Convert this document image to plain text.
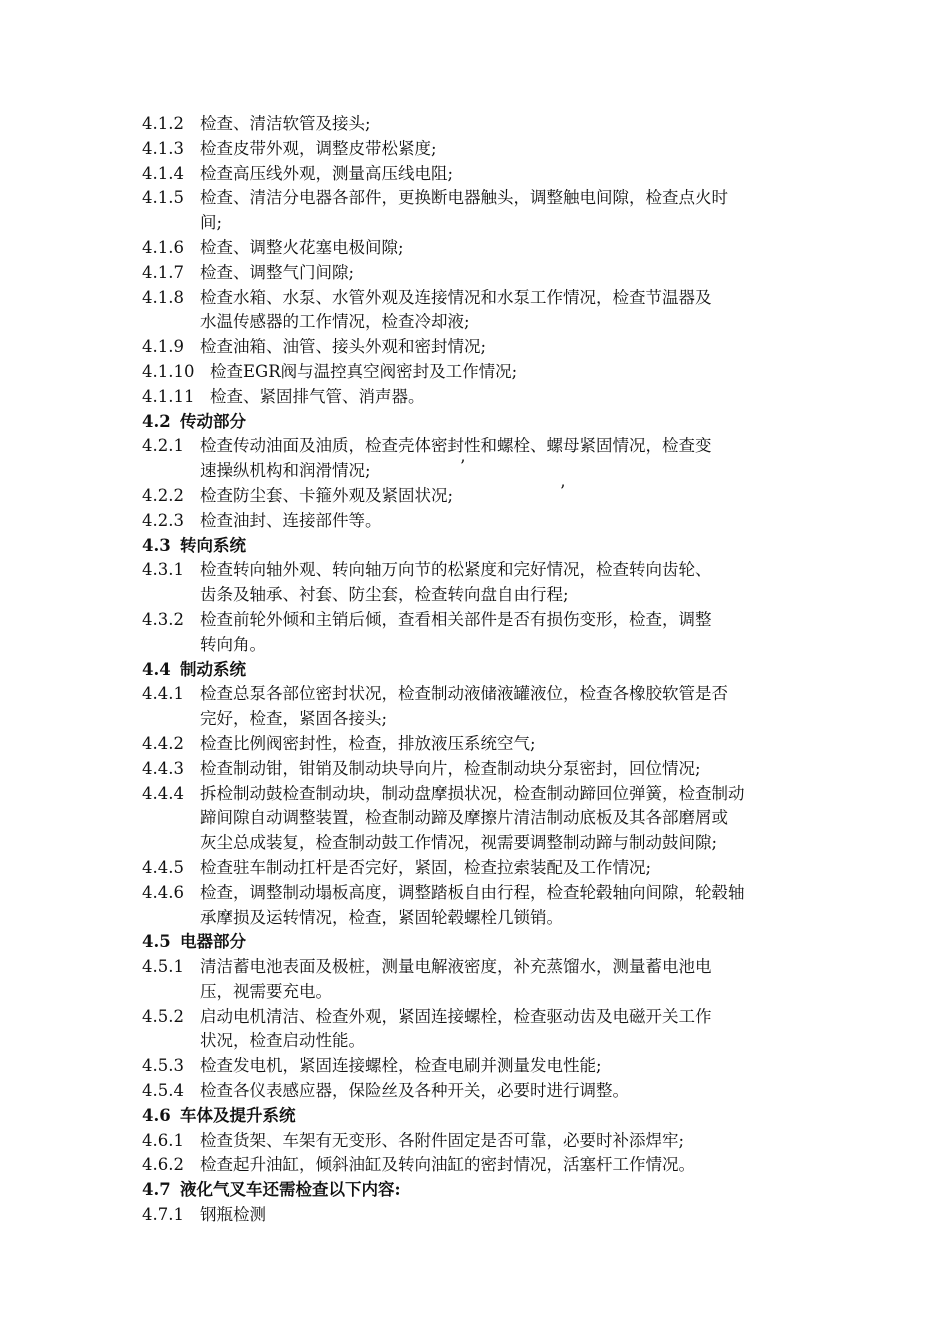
4.1.2 检查、清洁软管及接头;
4.1.3 检查皮带外观，调整皮带松紧度;
4.1.4 检查高压线外观，测量高压线电阻;
4.1.5 检查、清洁分电器各部件，更换断电器触头，调整触电间隙，检查点火时
间;
4.1.6 检查、调整火花塞电极间隙;
4.1.7 检查、调整气门间隙;
4.1.8 检查水箱、水泵、水管外观及连接情况和水泵工作情况，检查节温器及
水温传感器的工作情况，检查冷却液;
4.1.9 检查油箱、油管、接头外观和密封情况;
4.1.10 检查EGR阀与温控真空阀密封及工作情况;
4.1.11 检查、紧固排气管、消声器。
4.2 传动部分
4.2.1 检查传动油面及油质，检查壳体密封性和螺栓、螺母紧固情况，检查变
速操纵机构和润滑情况;	’
4.2.2 检查防尘套、卡箍外观及紧固状况;	’
4.2.3 检查油封、连接部件等。
4.3 转向系统
4.3.1 检查转向轴外观、转向轴万向节的松紧度和完好情况，检查转向齿轮、
齿条及轴承、衬套、防尘套，检查转向盘自由行程;
4.3.2 检查前轮外倾和主销后倾，查看相关部件是否有损伤变形，检查，调整
转向角。
4.4 制动系统
4.4.1 检查总泵各部位密封状况，检查制动液储液罐液位，检查各橡胶软管是否
完好，检查，紧固各接头;
4.4.2 检查比例阀密封性，检查，排放液压系统空气;
4.4.3 检查制动钳，钳销及制动块导向片，检查制动块分泵密封，回位情况;
4.4.4 拆检制动鼓检查制动块，制动盘摩损状况，检查制动蹄回位弹簧，检查制动
蹄间隙自动调整装置，检查制动蹄及摩擦片清洁制动底板及其各部磨屑或
灰尘总成装复，检查制动鼓工作情况，视需要调整制动蹄与制动鼓间隙;
4.4.5 检查驻车制动扛杆是否完好，紧固，检查拉索装配及工作情况;
4.4.6 检查，调整制动塌板高度，调整踏板自由行程，检查轮毂轴向间隙，轮毂轴
承摩损及运转情况，检查，紧固轮毂螺栓几锁销。
4.5 电器部分
4.5.1 清洁蓄电池表面及极桩，测量电解液密度，补充蒸馏水，测量蓄电池电
压，视需要充电。
4.5.2 启动电机清洁、检查外观，紧固连接螺栓，检查驱动齿及电磁开关工作
状况，检查启动性能。
4.5.3 检查发电机，紧固连接螺栓，检查电刷并测量发电性能;
4.5.4 检查各仪表感应器，保险丝及各种开关，必要时进行调整。
4.6 车体及提升系统
4.6.1 检查货架、车架有无变形、各附件固定是否可靠，必要时补添焊牢;
4.6.2 检查起升油缸，倾斜油缸及转向油缸的密封情况，活塞杆工作情况。
4.7 液化气叉车还需检查以下内容:
4.7.1 钢瓶检测
